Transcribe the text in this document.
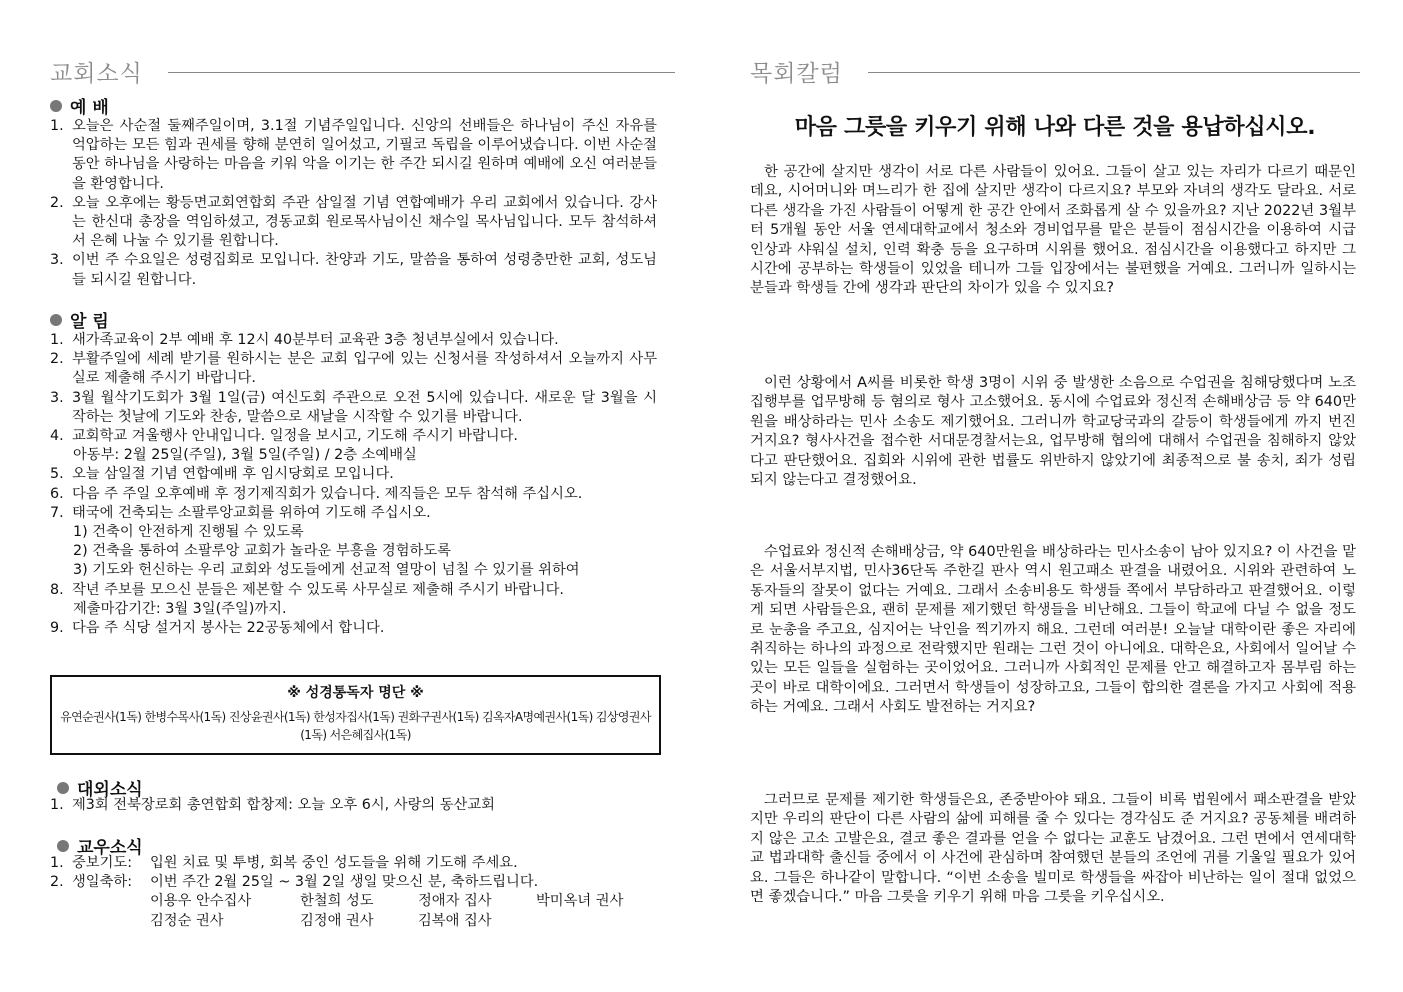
교회소식
예 배
1. 오늘은 사순절 둘째주일이며, 3.1절 기념주일입니다. 신앙의 선배들은 하나님이 주신 자유를 억압하는 모든 힘과 권세를 향해 분연히 일어섰고, 기필코 독립을 이루어냈습니다. 이번 사순절 동안 하나님을 사랑하는 마음을 키워 악을 이기는 한 주간 되시길 원하며 예배에 오신 여러분들을 환영합니다.
2. 오늘 오후에는 황등면교회연합회 주관 삼일절 기념 연합예배가 우리 교회에서 있습니다. 강사는 한신대 총장을 역임하셨고, 경동교회 원로목사님이신 채수일 목사님입니다. 모두 참석하셔서 은혜 나눌 수 있기를 원합니다.
3. 이번 주 수요일은 성령집회로 모입니다. 찬양과 기도, 말씀을 통하여 성령충만한 교회, 성도님들 되시길 원합니다.
알 림
1. 새가족교육이 2부 예배 후 12시 40분부터 교육관 3층 청년부실에서 있습니다.
2. 부활주일에 세례 받기를 원하시는 분은 교회 입구에 있는 신청서를 작성하셔서 오늘까지 사무실로 제출해 주시기 바랍니다.
3. 3월 월삭기도회가 3월 1일(금) 여신도회 주관으로 오전 5시에 있습니다. 새로운 달 3월을 시작하는 첫날에 기도와 찬송, 말씀으로 새날을 시작할 수 있기를 바랍니다.
4. 교회학교 겨울행사 안내입니다. 일정을 보시고, 기도해 주시기 바랍니다.
아동부: 2월 25일(주일), 3월 5일(주일) / 2층 소예배실
5. 오늘 삼일절 기념 연합예배 후 임시당회로 모입니다.
6. 다음 주 주일 오후예배 후 정기제직회가 있습니다. 제직들은 모두 참석해 주십시오.
7. 태국에 건축되는 소팔루앙교회를 위하여 기도해 주십시오.
1) 건축이 안전하게 진행될 수 있도록
2) 건축을 통하여 소팔루앙 교회가 놀라운 부흥을 경험하도록
3) 기도와 헌신하는 우리 교회와 성도들에게 선교적 열망이 넘칠 수 있기를 위하여
8. 작년 주보를 모으신 분들은 제본할 수 있도록 사무실로 제출해 주시기 바랍니다.
제출마감기간: 3월 3일(주일)까지.
9. 다음 주 식당 설거지 봉사는 22공동체에서 합니다.
※ 성경통독자 명단 ※
유연순권사(1독) 한병수목사(1독) 진상윤권사(1독) 한성자집사(1독) 권화구권사(1독) 김옥자A명예권사(1독) 김상영권사(1독) 서은혜집사(1독)
대외소식
1. 제3회 전북장로회 총연합회 합창제: 오늘 오후 6시, 사랑의 동산교회
교우소식
1. 중보기도:	입원 치료 및 투병, 회복 중인 성도들을 위해 기도해 주세요.
2. 생일축하:	이번 주간 2월 25일 ~ 3월 2일 생일 맞으신 분, 축하드립니다.
이용우 안수집사	한철희 성도	정애자 집사	박미옥녀 권사
김정순 권사	김정애 권사	김복애 집사
목회칼럼
마음 그릇을 키우기 위해 나와 다른 것을 용납하십시오.
한 공간에 살지만 생각이 서로 다른 사람들이 있어요. 그들이 살고 있는 자리가 다르기 때문인데요, 시어머니와 며느리가 한 집에 살지만 생각이 다르지요? 부모와 자녀의 생각도 달라요. 서로 다른 생각을 가진 사람들이 어떻게 한 공간 안에서 조화롭게 살 수 있을까요? 지난 2022년 3월부터 5개월 동안 서울 연세대학교에서 청소와 경비업무를 맡은 분들이 점심시간을 이용하여 시급 인상과 샤워실 설치, 인력 확충 등을 요구하며 시위를 했어요. 점심시간을 이용했다고 하지만 그 시간에 공부하는 학생들이 있었을 테니까 그들 입장에서는 불편했을 거예요. 그러니까 일하시는 분들과 학생들 간에 생각과 판단의 차이가 있을 수 있지요?
이런 상황에서 A씨를 비롯한 학생 3명이 시위 중 발생한 소음으로 수업권을 침해당했다며 노조 집행부를 업무방해 등 혐의로 형사 고소했어요. 동시에 수업료와 정신적 손해배상금 등 약 640만원을 배상하라는 민사 소송도 제기했어요. 그러니까 학교당국과의 갈등이 학생들에게 까지 번진 거지요? 형사사건을 접수한 서대문경찰서는요, 업무방해 협의에 대해서 수업권을 침해하지 않았다고 판단했어요. 집회와 시위에 관한 법률도 위반하지 않았기에 최종적으로 불 송치, 죄가 성립되지 않는다고 결정했어요.
수업료와 정신적 손해배상금, 약 640만원을 배상하라는 민사소송이 남아 있지요? 이 사건을 맡은 서울서부지법, 민사36단독 주한길 판사 역시 원고패소 판결을 내렸어요. 시위와 관련하여 노동자들의 잘못이 없다는 거예요. 그래서 소송비용도 학생들 쪽에서 부담하라고 판결했어요. 이렇게 되면 사람들은요, 괜히 문제를 제기했던 학생들을 비난해요. 그들이 학교에 다닐 수 없을 정도로 눈총을 주고요, 심지어는 낙인을 찍기까지 해요. 그런데 여러분! 오늘날 대학이란 좋은 자리에 취직하는 하나의 과정으로 전락했지만 원래는 그런 것이 아니에요. 대학은요, 사회에서 일어날 수 있는 모든 일들을 실험하는 곳이었어요. 그러니까 사회적인 문제를 안고 해결하고자 몸부림 하는 곳이 바로 대학이에요. 그러면서 학생들이 성장하고요, 그들이 합의한 결론을 가지고 사회에 적용하는 거예요. 그래서 사회도 발전하는 거지요?
그러므로 문제를 제기한 학생들은요, 존중받아야 돼요. 그들이 비록 법원에서 패소판결을 받았지만 우리의 판단이 다른 사람의 삶에 피해를 줄 수 있다는 경각심도 준 거지요? 공동체를 배려하지 않은 고소 고발은요, 결코 좋은 결과를 얻을 수 없다는 교훈도 남겼어요. 그런 면에서 연세대학교 법과대학 출신들 중에서 이 사건에 관심하며 참여했던 분들의 조언에 귀를 기울일 필요가 있어요. 그들은 하나같이 말합니다. “이번 소송을 빌미로 학생들을 싸잡아 비난하는 일이 절대 없었으면 좋겠습니다.” 마음 그릇을 키우기 위해 마음 그릇을 키우십시오.
